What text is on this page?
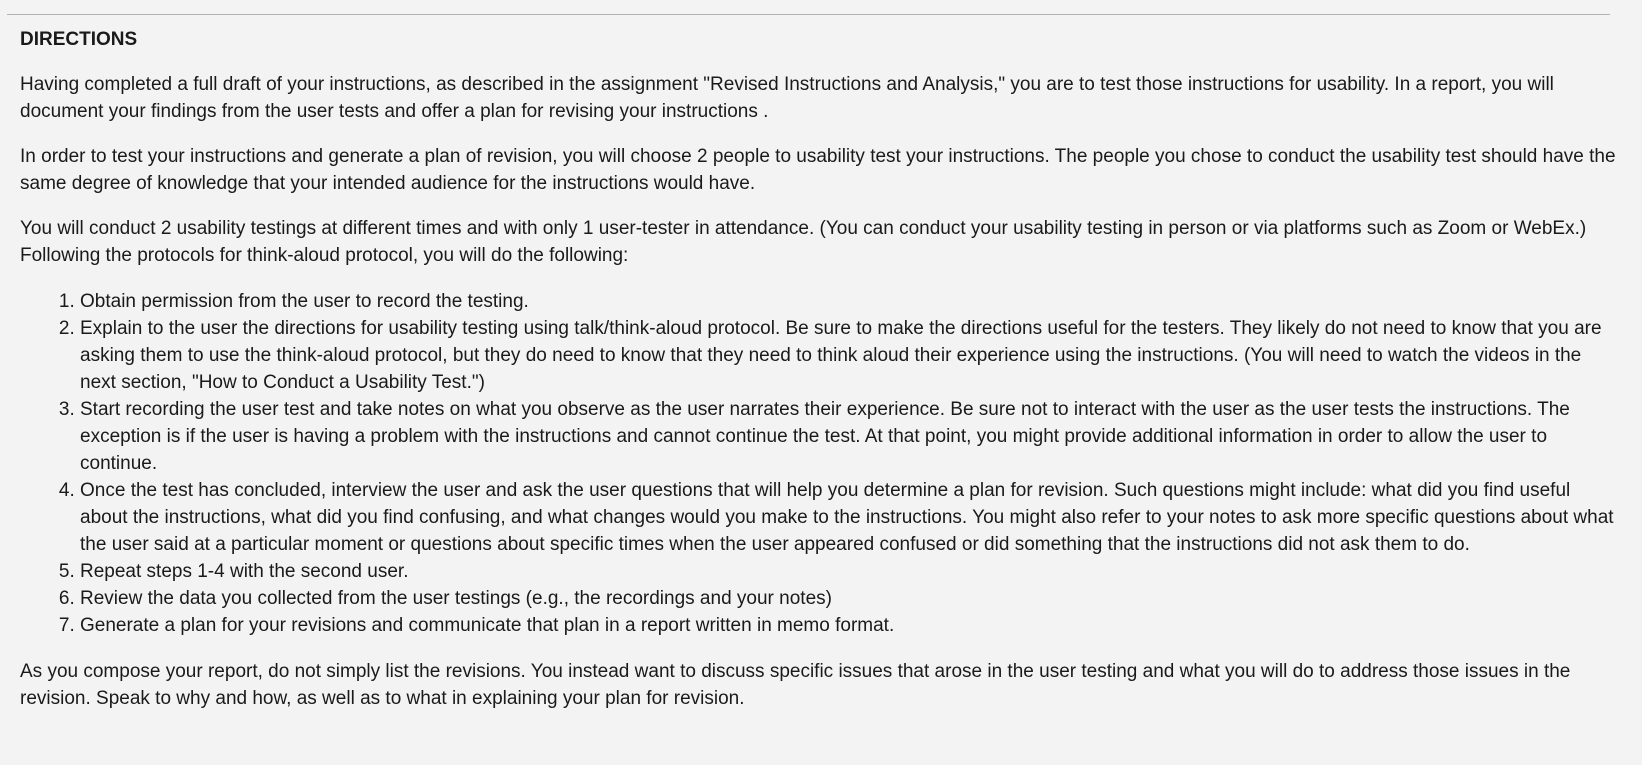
DIRECTIONS

Having completed a full draft of your instructions, as described in the assignment "Revised Instructions and Analysis," you are to test those instructions for usability. In a report, you will document your findings from the user tests and offer a plan for revising your instructions .

In order to test your instructions and generate a plan of revision, you will choose 2 people to usability test your instructions. The people you chose to conduct the usability test should have the same degree of knowledge that your intended audience for the instructions would have.

You will conduct 2 usability testings at different times and with only 1 user-tester in attendance. (You can conduct your usability testing in person or via platforms such as Zoom or WebEx.) Following the protocols for think-aloud protocol, you will do the following:

1. Obtain permission from the user to record the testing.
2. Explain to the user the directions for usability testing using talk/think-aloud protocol. Be sure to make the directions useful for the testers. They likely do not need to know that you are asking them to use the think-aloud protocol, but they do need to know that they need to think aloud their experience using the instructions. (You will need to watch the videos in the next section, "How to Conduct a Usability Test.")
3. Start recording the user test and take notes on what you observe as the user narrates their experience. Be sure not to interact with the user as the user tests the instructions. The exception is if the user is having a problem with the instructions and cannot continue the test. At that point, you might provide additional information in order to allow the user to continue.
4. Once the test has concluded, interview the user and ask the user questions that will help you determine a plan for revision. Such questions might include: what did you find useful about the instructions, what did you find confusing, and what changes would you make to the instructions. You might also refer to your notes to ask more specific questions about what the user said at a particular moment or questions about specific times when the user appeared confused or did something that the instructions did not ask them to do.
5. Repeat steps 1-4 with the second user.
6. Review the data you collected from the user testings (e.g., the recordings and your notes)
7. Generate a plan for your revisions and communicate that plan in a report written in memo format.

As you compose your report, do not simply list the revisions. You instead want to discuss specific issues that arose in the user testing and what you will do to address those issues in the revision. Speak to why and how, as well as to what in explaining your plan for revision.
